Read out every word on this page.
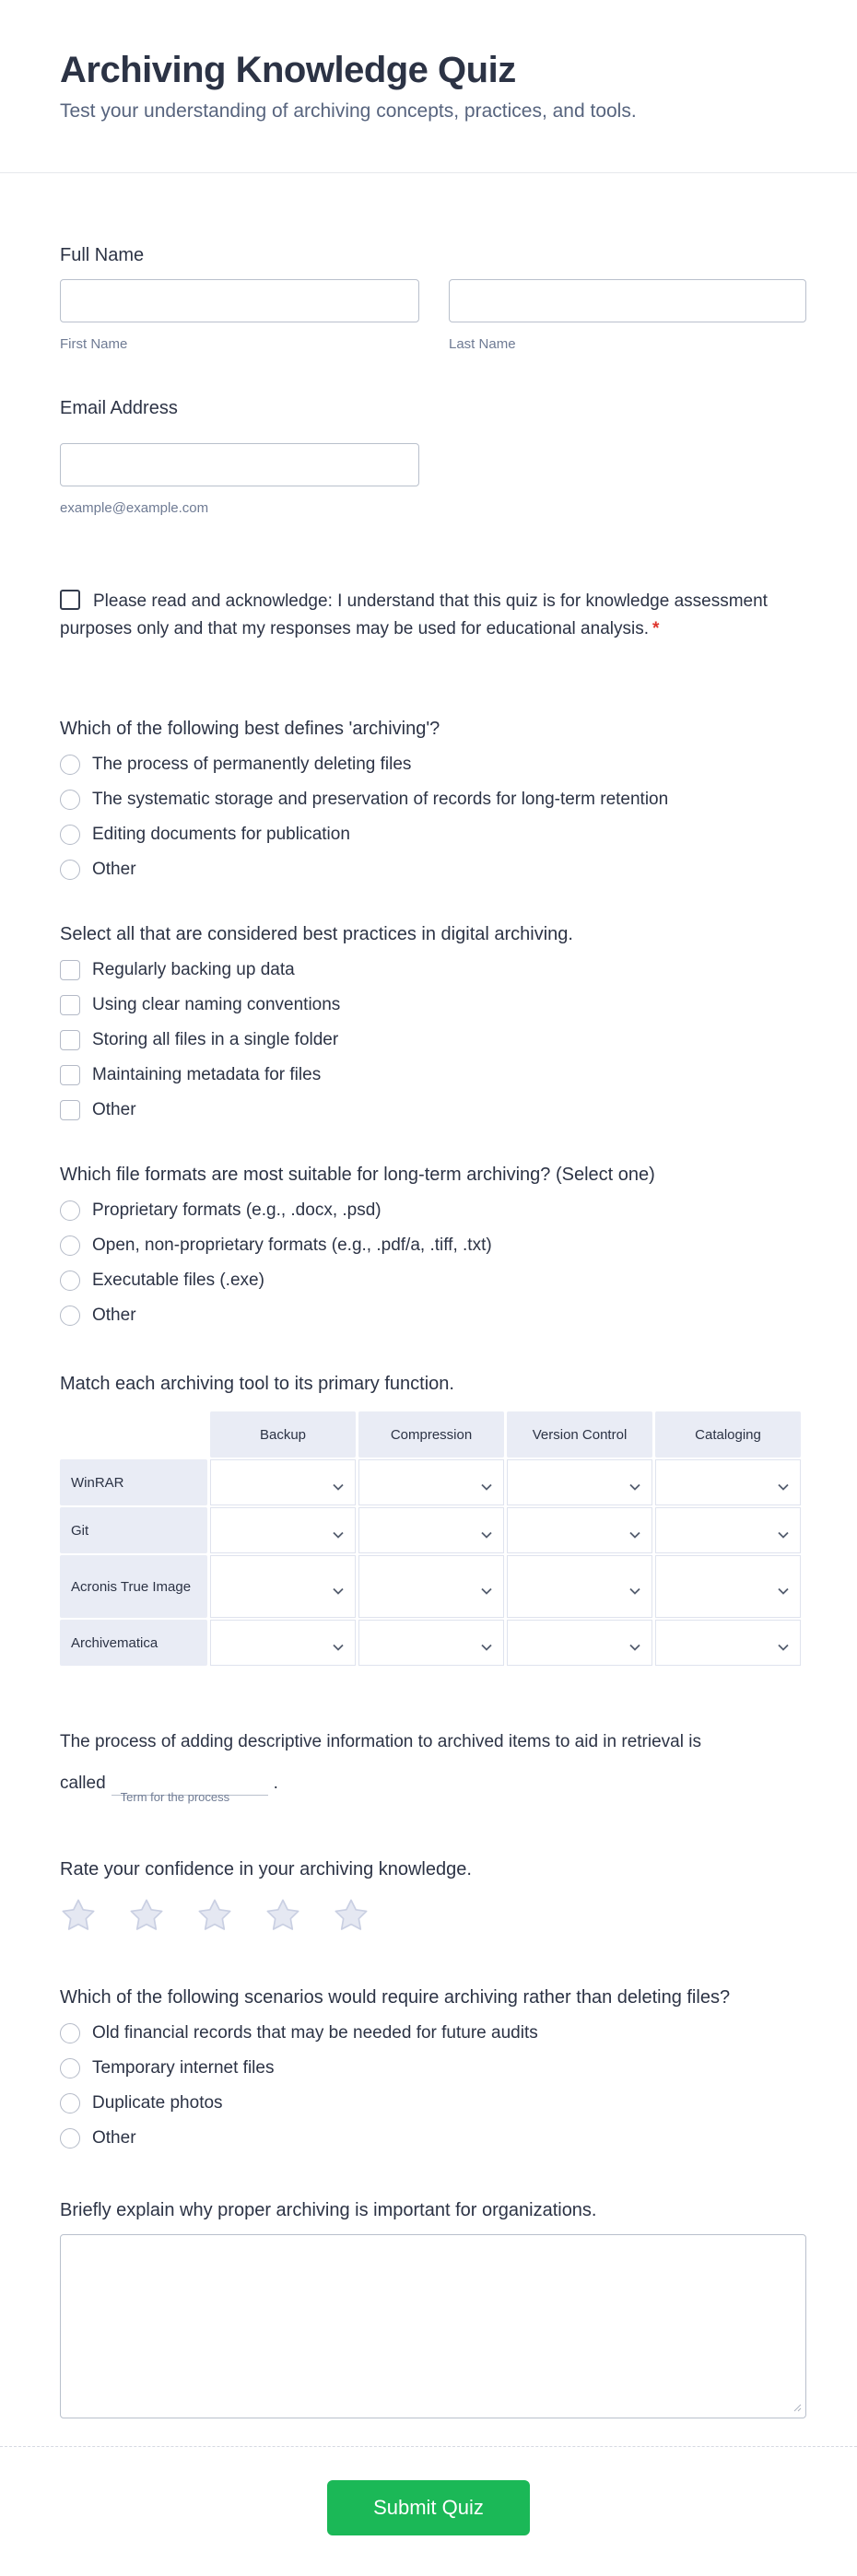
Archiving Knowledge Quiz
Test your understanding of archiving concepts, practices, and tools.
Full Name
First Name	Last Name
Email Address
example@example.com
Please read and acknowledge: I understand that this quiz is for knowledge assessment purposes only and that my responses may be used for educational analysis. *
Which of the following best defines 'archiving'?
The process of permanently deleting files
The systematic storage and preservation of records for long-term retention
Editing documents for publication
Other
Select all that are considered best practices in digital archiving.
Regularly backing up data
Using clear naming conventions
Storing all files in a single folder
Maintaining metadata for files
Other
Which file formats are most suitable for long-term archiving? (Select one)
Proprietary formats (e.g., .docx, .psd)
Open, non-proprietary formats (e.g., .pdf/a, .tiff, .txt)
Executable files (.exe)
Other
Match each archiving tool to its primary function.
	Backup	Compression	Version Control	Cataloging
WinRAR	

Git	

Acronis True Image	

Archivematica	

The process of adding descriptive information to archived items to aid in retrieval is
called
Term for the process
.
Rate your confidence in your archiving knowledge.
Which of the following scenarios would require archiving rather than deleting files?
Old financial records that may be needed for future audits
Temporary internet files
Duplicate photos
Other
Briefly explain why proper archiving is important for organizations.
Submit Quiz
